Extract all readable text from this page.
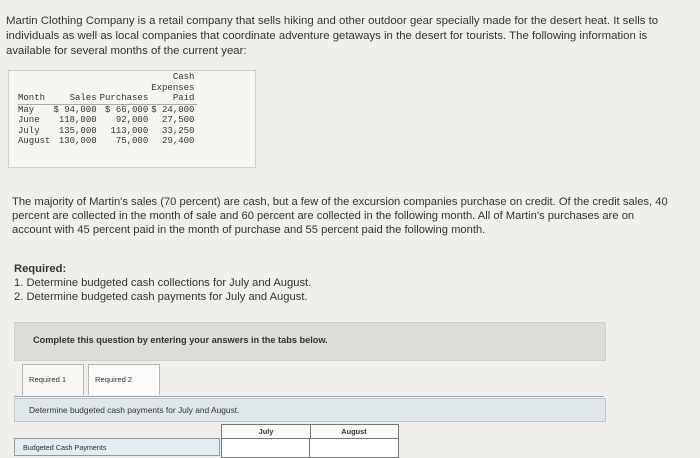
Martin Clothing Company is a retail company that sells hiking and other outdoor gear specially made for the desert heat. It sells to individuals as well as local companies that coordinate adventure getaways in the desert for tourists. The following information is available for several months of the current year:
			Cash
			Expenses
Month	Sales	Purchases	Paid
May	$ 94,000	$ 66,000	$ 24,000
June	118,000	92,000	27,500
July	135,000	113,000	33,250
August	130,000	75,000	29,400
The majority of Martin's sales (70 percent) are cash, but a few of the excursion companies purchase on credit. Of the credit sales, 40 percent are collected in the month of sale and 60 percent are collected in the following month. All of Martin's purchases are on account with 45 percent paid in the month of purchase and 55 percent paid the following month.
Required:
1. Determine budgeted cash collections for July and August.
2. Determine budgeted cash payments for July and August.
Complete this question by entering your answers in the tabs below.
Required 1	Required 2
Determine budgeted cash payments for July and August.
July	August
Budgeted Cash Payments
